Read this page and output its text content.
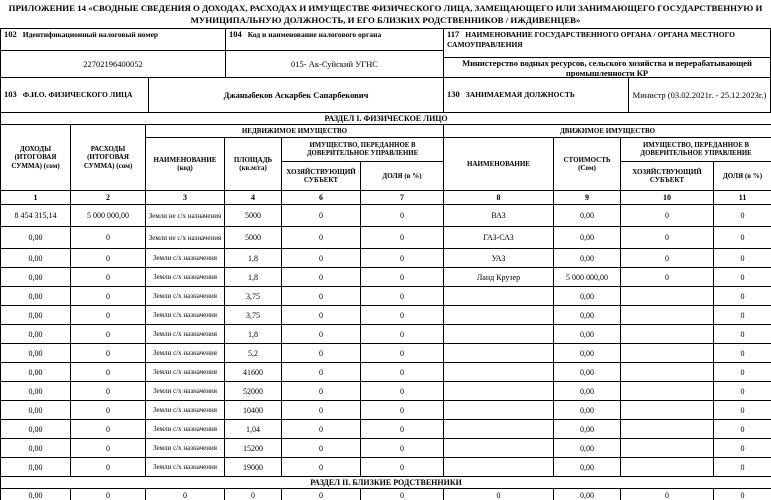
ПРИЛОЖЕНИЕ 14 «СВОДНЫЕ СВЕДЕНИЯ О ДОХОДАХ, РАСХОДАХ И ИМУЩЕСТВЕ ФИЗИЧЕСКОГО ЛИЦА, ЗАМЕЩАЮЩЕГО ИЛИ ЗАНИМАЮЩЕГО ГОСУДАРСТВЕННУЮ И МУНИЦИПАЛЬНУЮ ДОЛЖНОСТЬ, И ЕГО БЛИЗКИХ РОДСТВЕННИКОВ / ИЖДИВЕНЦЕВ»
102 Идентификационный налоговый номер	104 Код и наименование налогового органа
22702196400052	015- Ак-Суйский УГНС
103 Ф.И.О. ФИЗИЧЕСКОГО ЛИЦА	Джаныбеков Аскарбек Сапарбекович
117 НАИМЕНОВАНИЕ ГОСУДАРСТВЕННОГО ОРГАНА / ОРГАНА МЕСТНОГО САМОУПРАВЛЕНИЯ
Министерство водных ресурсов, сельского хозяйства и перерабатывающей промышленности КР
130 ЗАНИМАЕМАЯ ДОЛЖНОСТЬ	Министр (03.02.2021г. - 25.12.2023г.)
РАЗДЕЛ I. ФИЗИЧЕСКОЕ ЛИЦО									
ДОХОДЫ (ИТОГОВАЯ СУММА) (сом)	РАСХОДЫ (ИТОГОВАЯ СУММА) (сом)	НЕДВИЖИМОЕ ИМУЩЕСТВО				ДВИЖИМОЕ ИМУЩЕСТВО			
		НАИМЕНОВАНИЕ (код)	ПЛОЩАДЬ (кв.м/га)	ИМУЩЕСТВО, ПЕРЕДАННОЕ В ДОВЕРИТЕЛЬНОЕ УПРАВЛЕНИЕ		НАИМЕНОВАНИЕ	СТОИМОСТЬ (Сом)	ИМУЩЕСТВО, ПЕРЕДАННОЕ В ДОВЕРИТЕЛЬНОЕ УПРАВЛЕНИЕ	
				ХОЗЯЙСТВУЮЩИЙ СУБЪЕКТ	ДОЛЯ (в %)			ХОЗЯЙСТВУЮЩИЙ СУБЪЕКТ	ДОЛЯ (в %)
1	2	3	4	6	7	8	9	10	11
8 454 315,14	5 000 000,00	Земли не с/х назначения	5000	0	0	ВАЗ	0,00	0	0
0,00	0	Земли не с/х назначения	5000	0	0	ГАЗ-САЗ	0,00	0	0
0,00	0	Земли с/х назначения	1,8	0	0	УАЗ	0,00	0	0
0,00	0	Земли с/х назначения	1,8	0	0	Ланд Крузер	5 000 000,00	0	0
0,00	0	Земли с/х назначения	3,75	0	0		0,00		0
0,00	0	Земли с/х назначения	3,75	0	0		0,00		0
0,00	0	Земли с/х назначения	1,8	0	0		0,00		0
0,00	0	Земли с/х назначения	5,2	0	0		0,00		0
0,00	0	Земли с/х назначения	41600	0	0		0,00		0
0,00	0	Земли с/х назначения	52000	0	0		0,00		0
0,00	0	Земли с/х назначения	10400	0	0		0,00		0
0,00	0	Земли с/х назначения	1,04	0	0		0,00		0
0,00	0	Земли с/х назначения	15200	0	0		0,00		0
0,00	0	Земли с/х назначения	19000	0	0		0,00		0
РАЗДЕЛ II. БЛИЗКИЕ РОДСТВЕННИКИ									
0,00	0	0	0	0	0	0	0,00	0	0
